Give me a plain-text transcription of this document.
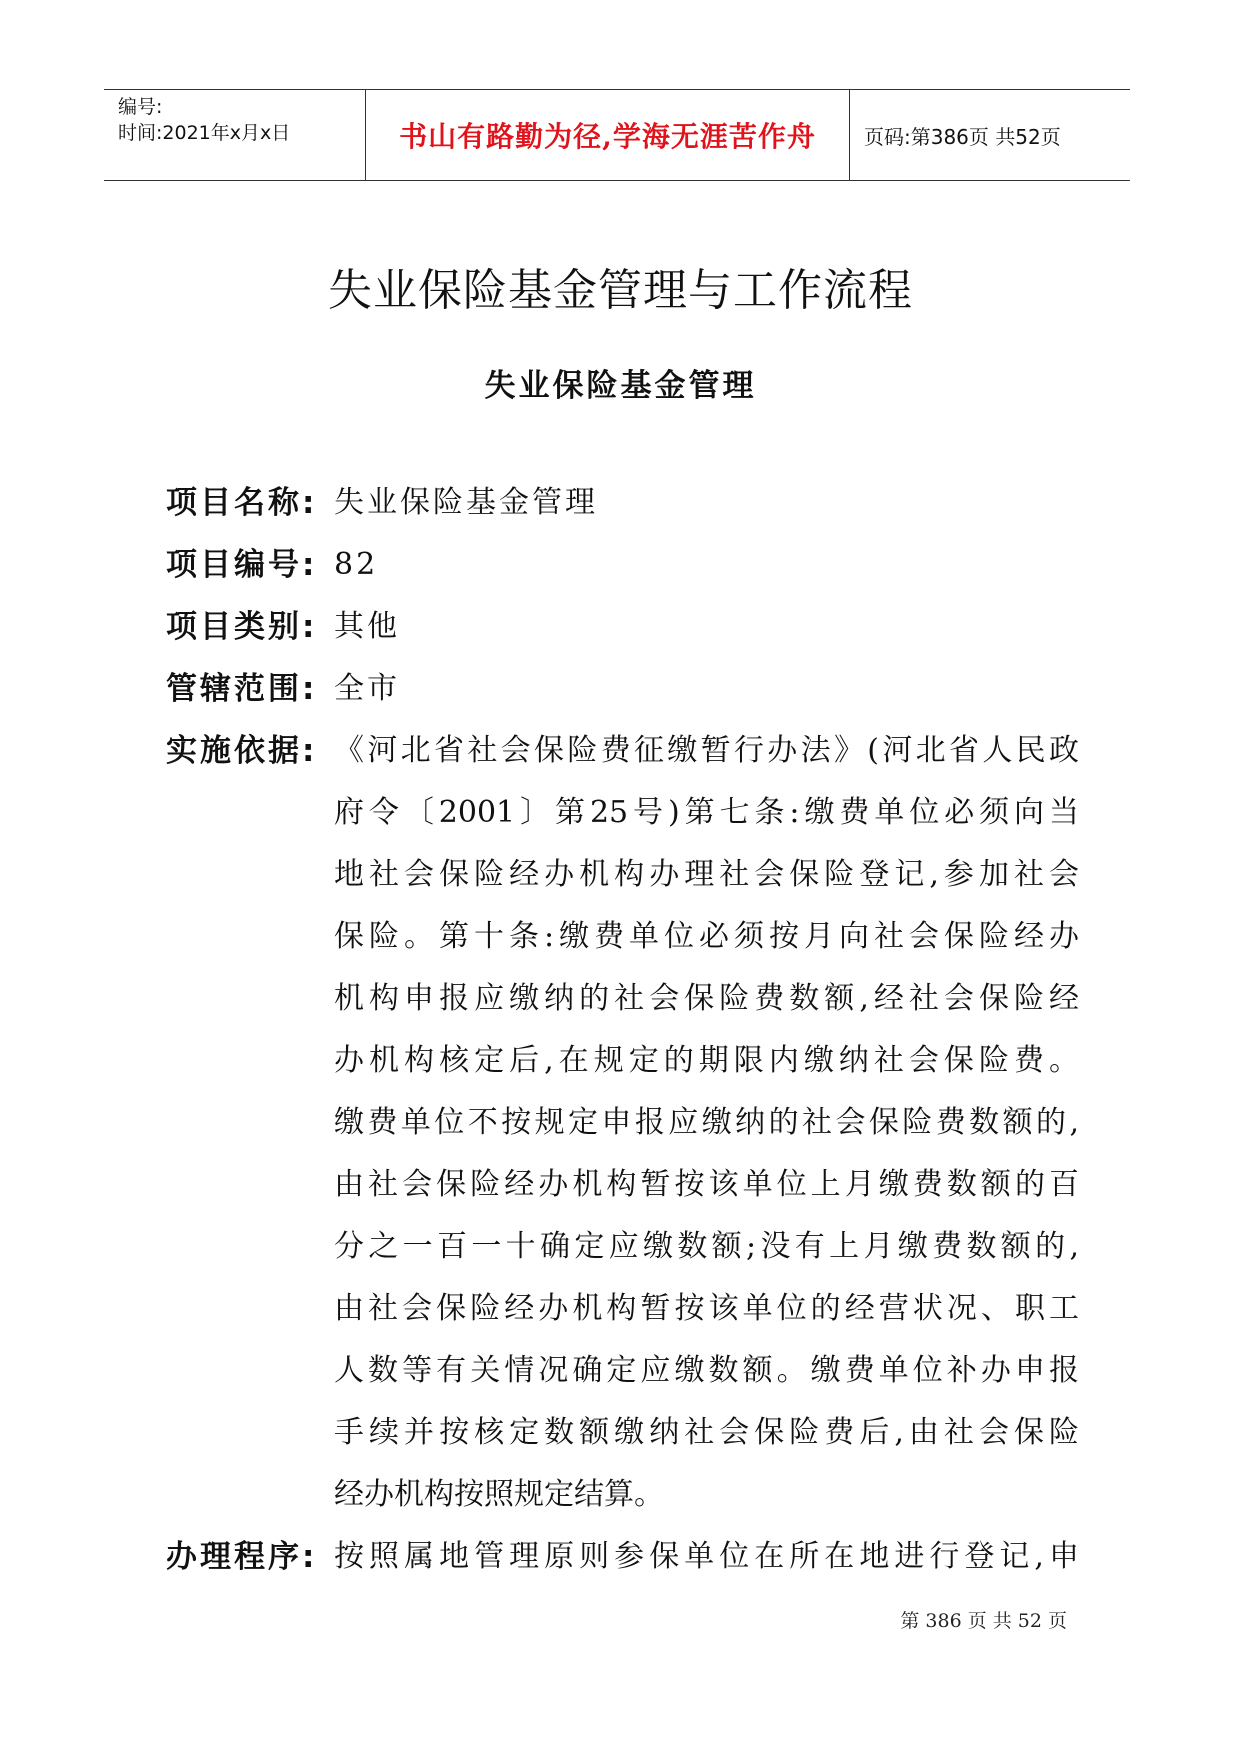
编号:
时间:2021年x月x日	书山有路勤为径,学海无涯苦作舟	页码:第386页 共52页
失业保险基金管理与工作流程
失业保险基金管理
项目名称: 失业保险基金管理
项目编号: 82
项目类别: 其他
管辖范围: 全市
实施依据: 《河北省社会保险费征缴暂行办法》(河北省人民政
府令〔2001〕第25号)第七条:缴费单位必须向当
地社会保险经办机构办理社会保险登记,参加社会
保险。第十条:缴费单位必须按月向社会保险经办
机构申报应缴纳的社会保险费数额,经社会保险经
办机构核定后,在规定的期限内缴纳社会保险费。
缴费单位不按规定申报应缴纳的社会保险费数额的,
由社会保险经办机构暂按该单位上月缴费数额的百
分之一百一十确定应缴数额;没有上月缴费数额的,
由社会保险经办机构暂按该单位的经营状况、职工
人数等有关情况确定应缴数额。缴费单位补办申报
手续并按核定数额缴纳社会保险费后,由社会保险
经办机构按照规定结算。
办理程序: 按照属地管理原则参保单位在所在地进行登记,申
第 386 页 共 52 页
